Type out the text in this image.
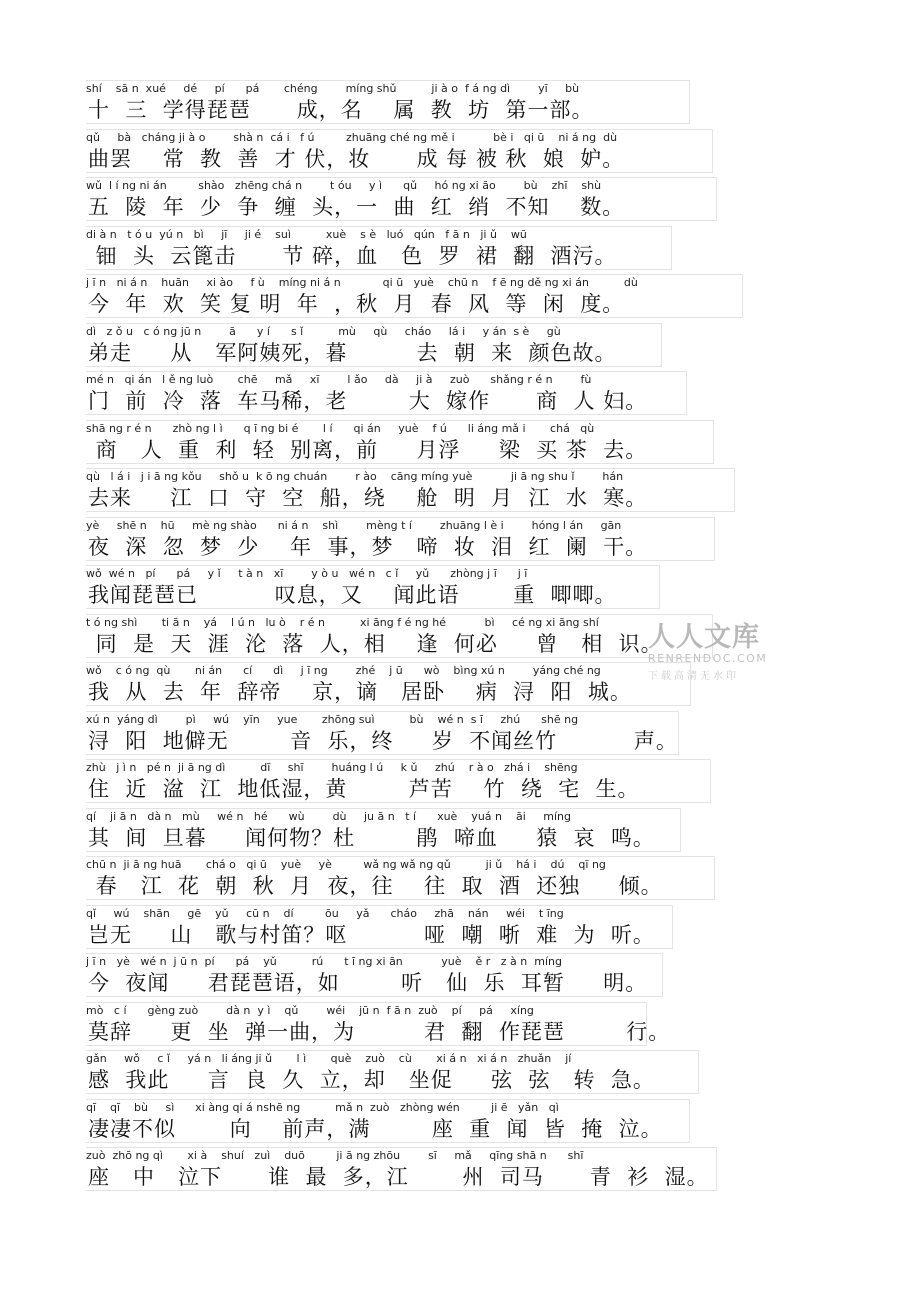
shí    sā n  xué     dé     pí      pá       chéng        míng shǔ          ji à o  f á ng dì        yī     bù
十  三  学得琵琶      成，名    属  教  坊  第一部。
qǔ     bà   cháng ji à o        shà n  cá i   f ú         zhuāng ché ng mě i           bè i   qi ū    ni á ng  dù
曲罢    常  教  善  才 伏，妆      成 每 被 秋  娘  妒。
wǔ  l í ng ni án         shào   zhēng chá n        t óu     y ì      qǔ     hó ng xi āo        bù    zhī    shù
五  陵  年  少  争  缠  头，一  曲  红  绡  不知    数。
di à n   t ó u  yú n   bì     jī     ji é    suì          xuè    s è   luó   qún   f ā n   ji ǔ    wū
钿  头  云篦击      节 碎，血   色  罗  裙  翻  酒污。
j ī n   ni á n    huān     xi ào     f ù    míng ni á n            qi ū   yuè    chū n    f ē ng dě ng xi án          dù
今  年  欢  笑 复 明  年  ，秋  月  春  风  等  闲  度。
dì   z ǒ u   c ó ng jū n        ā      y í      s ǐ          mù     qù     cháo     lá i     y án  s è     gù
弟走     从   军阿姨死，暮         去  朝  来  颜色故。
mé n   qi án   l ě ng luò       chē     mǎ     xī        l ǎo     dà     ji à     zuò      shǎng r é n        fù
门  前  冷  落  车马稀，老        大  嫁作      商  人 妇。
shā ng r é n      zhò ng l ì      q ī ng bi é       l í      qi án     yuè    f ú      li áng mǎ i       chá   qù
商   人  重  利  轻  别离，前     月浮     梁  买 茶  去。
qù   l á i   j i ā ng kǒu     shǒ u  k ō ng chuán        r ào    cāng míng yuè           ji ā ng shu ǐ        hán
去来     江  口  守  空  船，绕    舱  明  月  江  水  寒。
yè     shē n    hū     mè ng shào      ni á n    shì        mèng t í        zhuāng l è i        hóng l án     gān
夜  深  忽  梦  少    年  事，梦   啼  妆  泪  红  阑  干。
wǒ  wé n   pí      pá     y ǐ     t à n   xī        y ò u   wé n   c ǐ     yǔ      zhòng j ī      j ī
我闻琵琶已          叹息，又    闻此语       重  唧唧。
t ó ng shì       ti ā n    yá    l ú n   lu ò    r é n          xi āng f é ng hé           bì     cé ng xi āng shí
同  是  天  涯  沦  落  人，相    逢  何必     曾   相  识。
wǒ    c ó ng  qù       ni án      cí      dì     j ī ng        zhé    j ū      wò    bìng xú n        yáng ché ng
我  从  去  年  辞帝    京，谪   居卧    病  浔  阳  城。
xú n  yáng dì        pì     wú    yīn     yue       zhōng suì          bù    wé n  s ī     zhú      shē ng
浔  阳  地僻无        音  乐，终     岁  不闻丝竹          声。
zhù   j ì n   pé n  ji ā ng dì          dī     shī        huáng l ú     k ǔ     zhú    r à o   zhá i    shēng
住  近  湓  江  地低湿，黄        芦苦    竹  绕  宅  生。
qí    ji ā n   dà n   mù     wé n   hé      wù        dù     ju ā n   t í      xuè    yuá n    āi     míng
其  间  旦暮     闻何物？杜        鹃  啼血     猿  哀  鸣。
chū n  ji ā ng huā       chá o   qi ū    yuè     yè         wǎ ng wǎ ng qǔ          ji ǔ    há i    dú    qī ng
春   江  花  朝  秋  月  夜，往    往  取  酒  还独     倾。
qǐ     wú    shān     gē    yǔ     cū n    dí         ōu     yǎ      cháo     zhā    nán     wéi    t īng
岂无     山   歌与村笛？呕          哑  嘲  哳  难  为  听。
j ī n   yè   wé n  j ū n  pí      pá    yǔ          rú      t ī ng xi ān           yuè    ě r   z à n  míng
今  夜闻     君琵琶语，如        听   仙  乐  耳暂     明。
mò   c í      gèng zuò        dà n  y ì    qǔ        wéi    jū n  f ā n  zuò    pí     pá     xíng
莫辞     更  坐  弹一曲，为         君  翻  作琵琶        行。
gǎn     wǒ     c ǐ     yá n   li áng ji ǔ       l ì       què    zuò    cù       xi á n   xi á n   zhuǎn    jí
感  我此     言  良  久  立，却   坐促     弦  弦   转  急。
qī    qī    bù     sì      xi àng qi á nshē ng          mǎ n  zuò   zhòng wén         ji ē   yǎn   qì
凄凄不似       向    前声，满        座  重  闻  皆  掩  泣。
zuò  zhō ng qì       xi à    shuí   zuì    duō         ji ā ng zhōu        sī     mǎ     qīng shā n      shī
座   中   泣下      谁  最  多，江       州  司马      青  衫  湿。
人人文库
RENRENDOC.COM
下载高清无水印
